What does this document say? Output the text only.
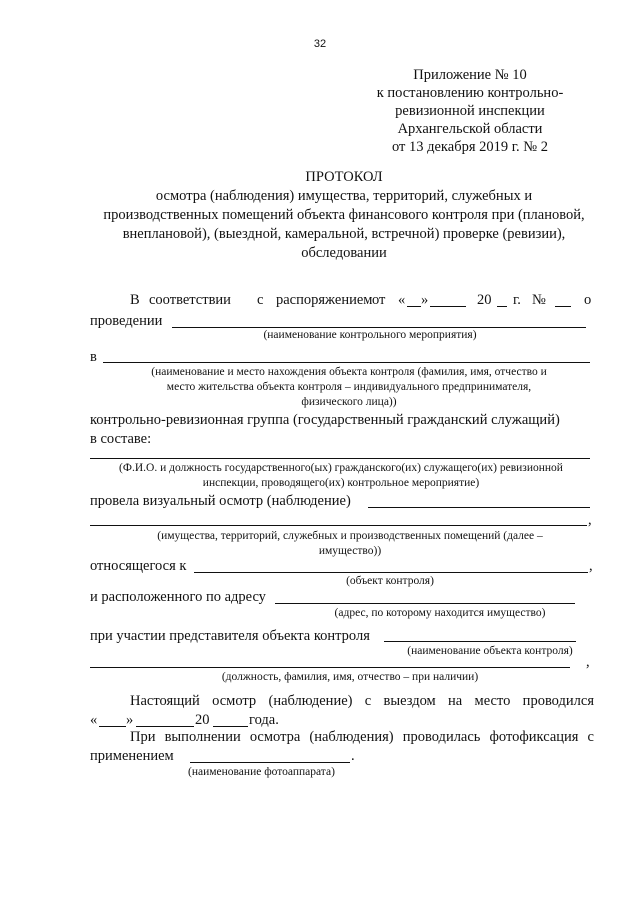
32
Приложение № 10
к постановлению контрольно-
ревизионной инспекции
Архангельской области
от 13 декабря 2019 г. № 2
ПРОТОКОЛ
осмотра (наблюдения) имущества, территорий, служебных и
производственных помещений объекта финансового контроля при (плановой,
внеплановой), (выездной, камеральной, встречной) проверке (ревизии),
обследовании
В соответствии с распоряжением от « »	20 г. №	о
проведении
(наименование контрольного мероприятия)
в
(наименование и место нахождения объекта контроля (фамилия, имя, отчество и
место жительства объекта контроля – индивидуального предпринимателя,
физического лица))
контрольно-ревизионная группа (государственный гражданский служащий)
в составе:
(Ф.И.О. и должность государственного(ых) гражданского(их) служащего(их) ревизионной
инспекции, проводящего(их) контрольное мероприятие)
провела визуальный осмотр (наблюдение)
,
(имущества, территорий, служебных и производственных помещений (далее –
имущество))
относящегося к	,
(объект контроля)
и расположенного по адресу
(адрес, по которому находится имущество)
при участии представителя объекта контроля
(наименование объекта контроля)
,
(должность, фамилия, имя, отчество – при наличии)
Настоящий осмотр (наблюдение) с выездом на место проводился
« »	20	года.
При выполнении осмотра (наблюдения) проводилась фотофиксация с
применением	.
(наименование фотоаппарата)
